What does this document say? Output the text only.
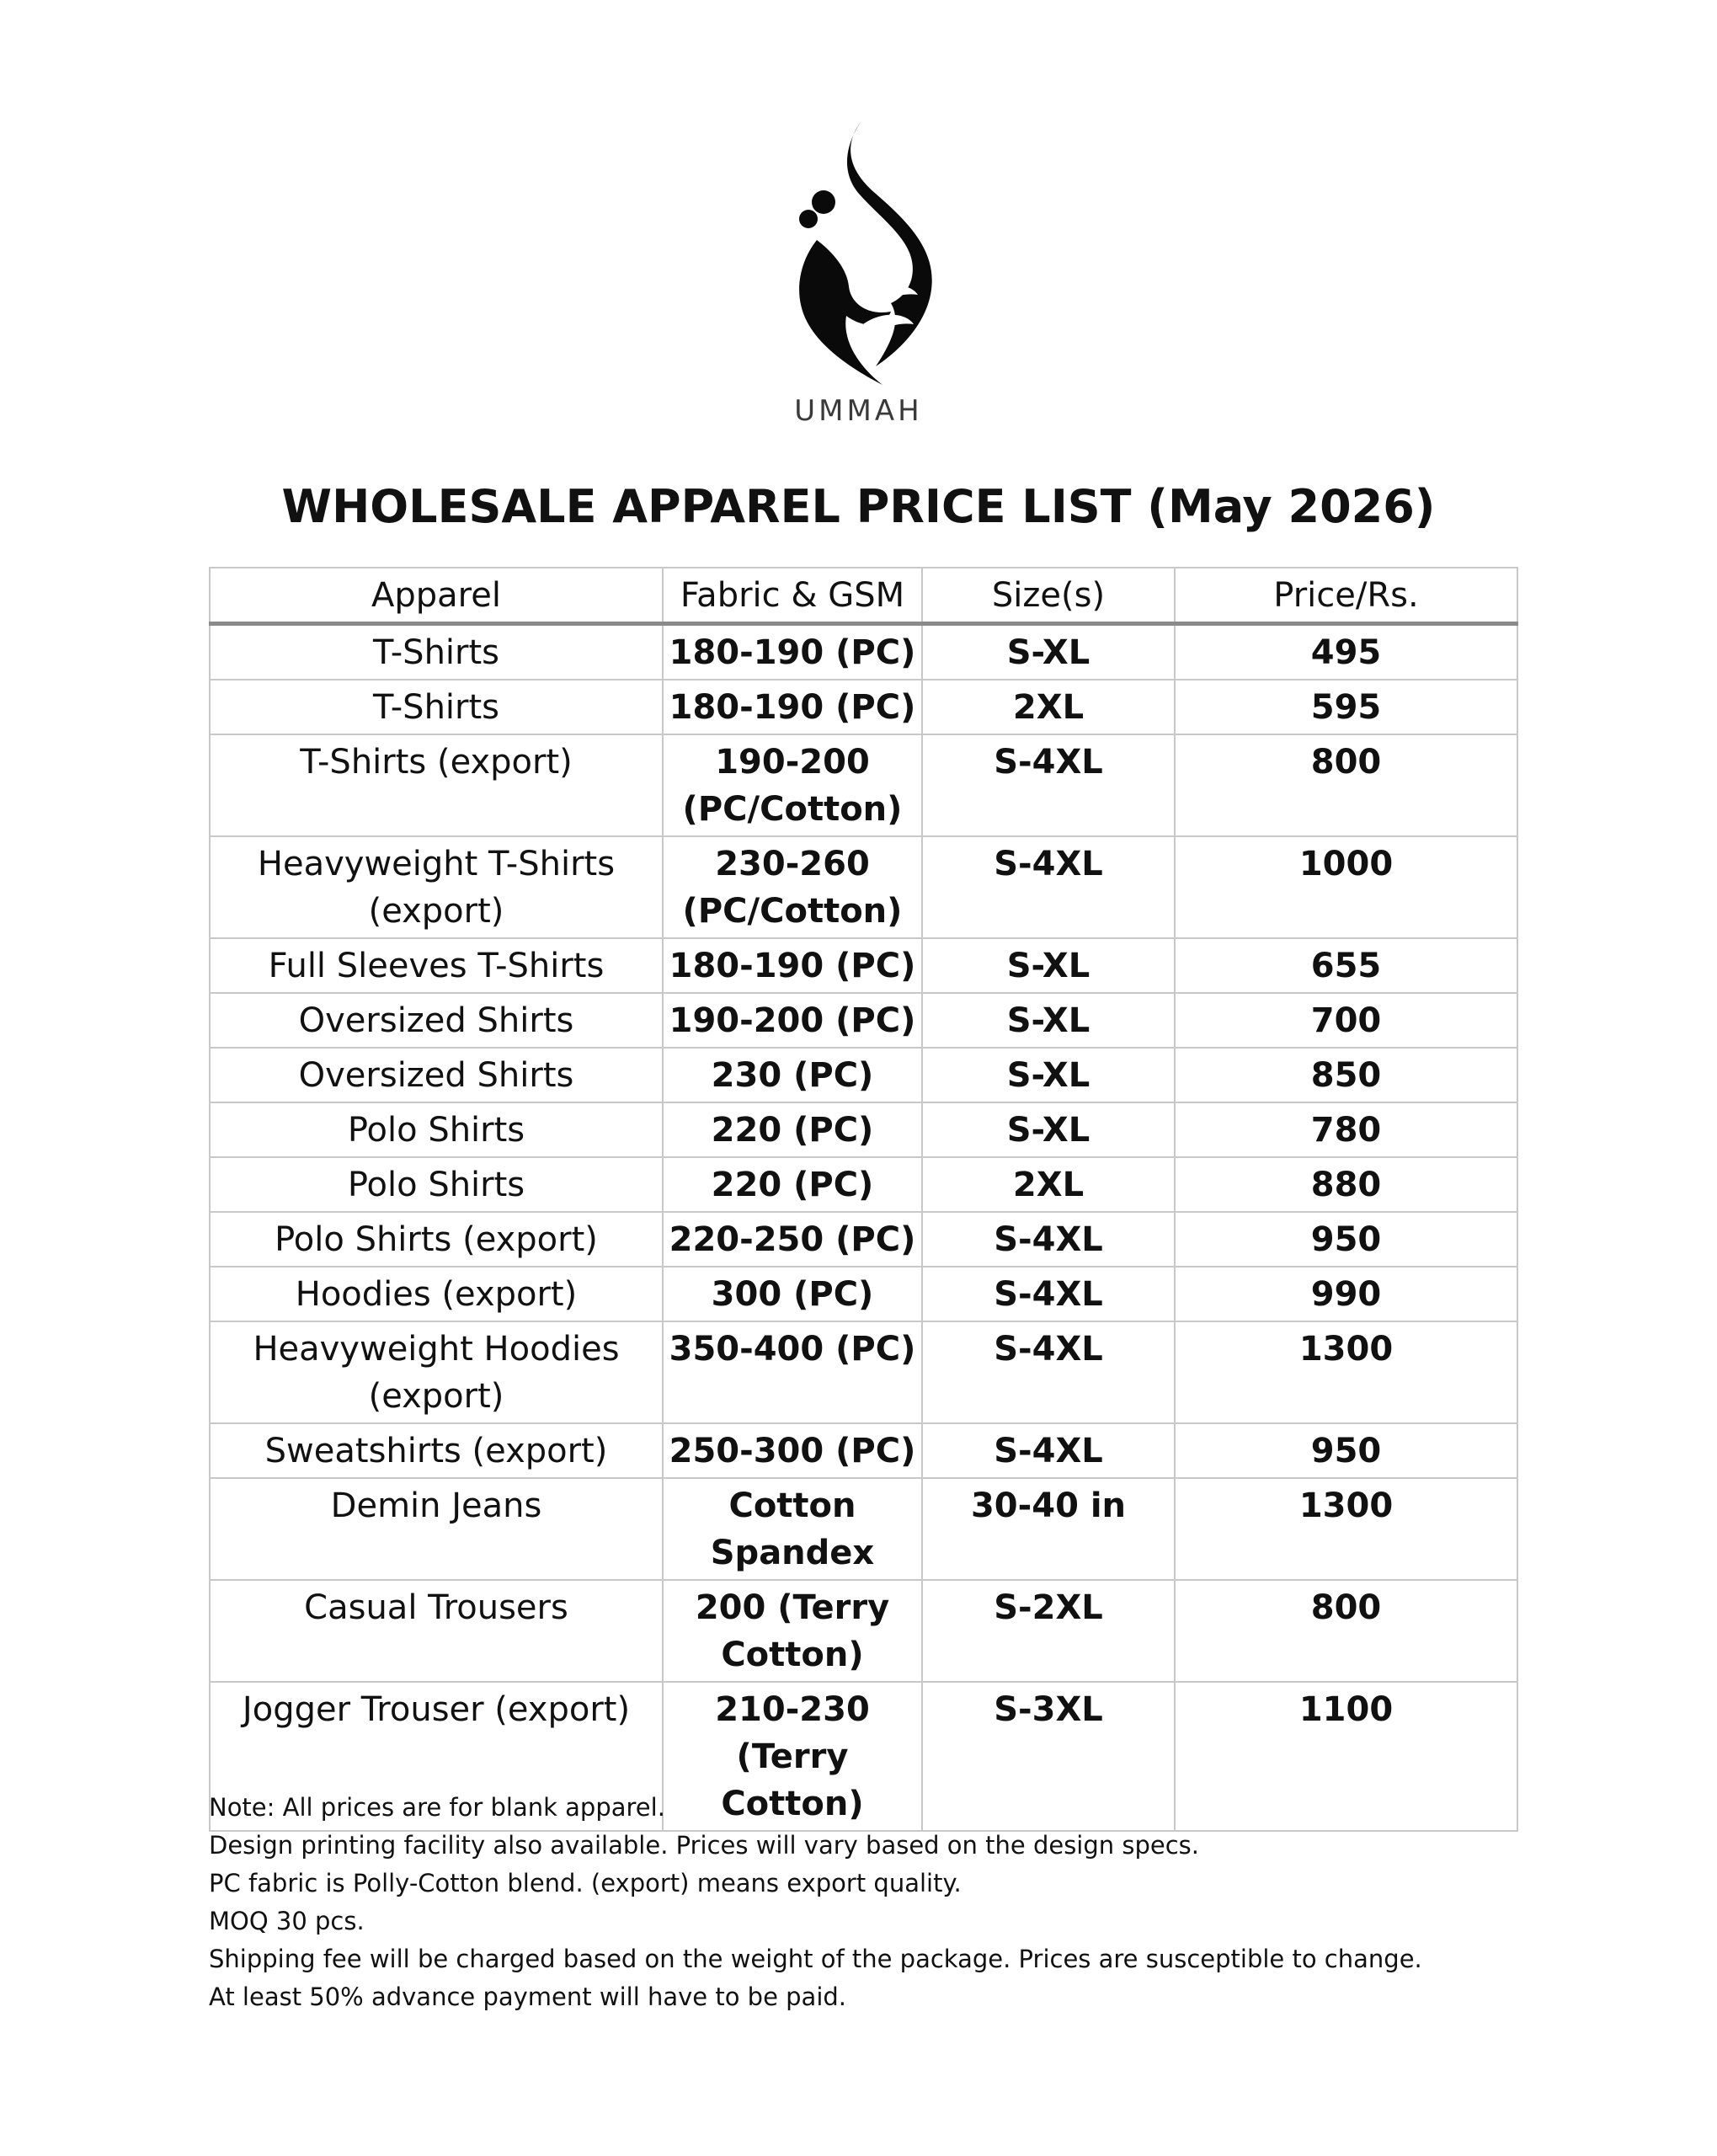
UMMAH
WHOLESALE APPAREL PRICE LIST (May 2026)
Apparel	Fabric & GSM	Size(s)	Price/Rs.
T-Shirts	180-190 (PC)	S-XL	495
T-Shirts	180-190 (PC)	2XL	595
T-Shirts (export)	190-200 (PC/Cotton)	S-4XL	800
Heavyweight T-Shirts (export)	230-260 (PC/Cotton)	S-4XL	1000
Full Sleeves T-Shirts	180-190 (PC)	S-XL	655
Oversized Shirts	190-200 (PC)	S-XL	700
Oversized Shirts	230 (PC)	S-XL	850
Polo Shirts	220 (PC)	S-XL	780
Polo Shirts	220 (PC)	2XL	880
Polo Shirts (export)	220-250 (PC)	S-4XL	950
Hoodies (export)	300 (PC)	S-4XL	990
Heavyweight Hoodies (export)	350-400 (PC)	S-4XL	1300
Sweatshirts (export)	250-300 (PC)	S-4XL	950
Demin Jeans	Cotton Spandex	30-40 in	1300
Casual Trousers	200 (Terry Cotton)	S-2XL	800
Jogger Trouser (export)	210-230 (Terry Cotton)	S-3XL	1100
Note: All prices are for blank apparel.
Design printing facility also available. Prices will vary based on the design specs.
PC fabric is Polly-Cotton blend. (export) means export quality.
MOQ 30 pcs.
Shipping fee will be charged based on the weight of the package. Prices are susceptible to change.
At least 50% advance payment will have to be paid.
